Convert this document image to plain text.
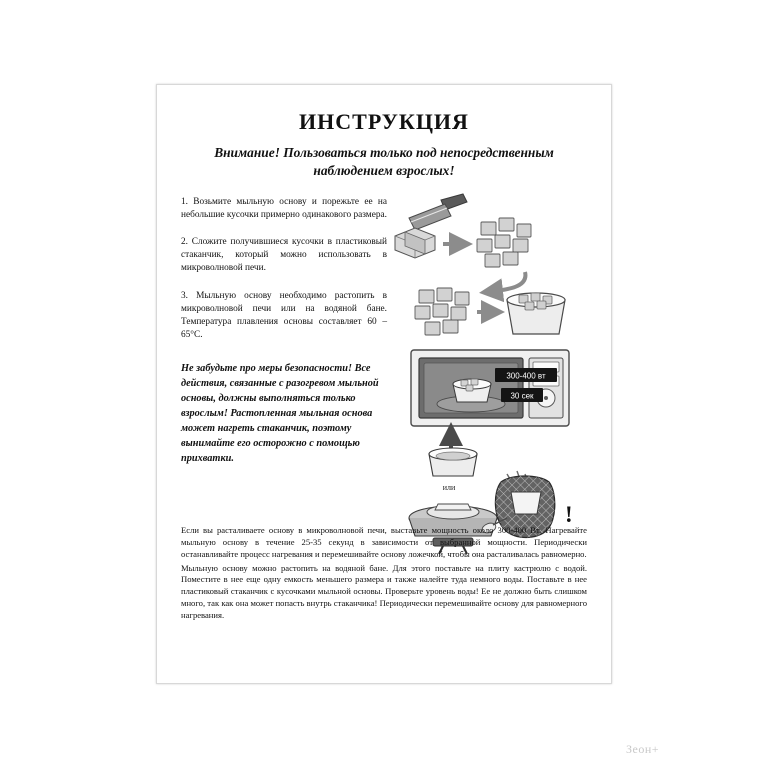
ИНСТРУКЦИЯ
Внимание! Пользоваться только под непосредственным наблюдением взрослых!
1. Возьмите мыльную основу и порежьте ее на небольшие кусочки примерно одинакового размера.
2. Сложите получившиеся кусочки в пластиковый стаканчик, который можно использовать в микроволновой печи.
3. Мыльную основу необходимо растопить в микроволновой печи или на водяной бане. Температура плавления основы составляет 60 – 65°C.
Не забудьте про меры безопасности! Все действия, связанные с разогревом мыльной основы, должны выполняться только взрослым! Растопленная мыльная основа может нагреть стаканчик, поэтому вынимайте его осторожно с помощью прихватки.
300-400 вт
30 сек
или
!

Если вы расталиваете основу в микроволновой печи, выставьте мощность около 300-400 Вт. Нагревайте мыльную основу в течение 25-35 секунд в зависимости от выбранной мощности. Периодически останавливайте процесс нагревания и перемешивайте основу ложечкой, чтобы она расталивалась равномерно.

Мыльную основу можно растопить на водяной бане. Для этого поставьте на плиту кастрюлю с водой. Поместите в нее еще одну емкость меньшего размера и также налейте туда немного воды. Поставьте в нее пластиковый стаканчик с кусочками мыльной основы. Проверьте уровень воды! Ее не должно быть слишком много, так как она может попасть внутрь стаканчика! Периодически перемешивайте основу для равномерного нагревания.

Зеон+
